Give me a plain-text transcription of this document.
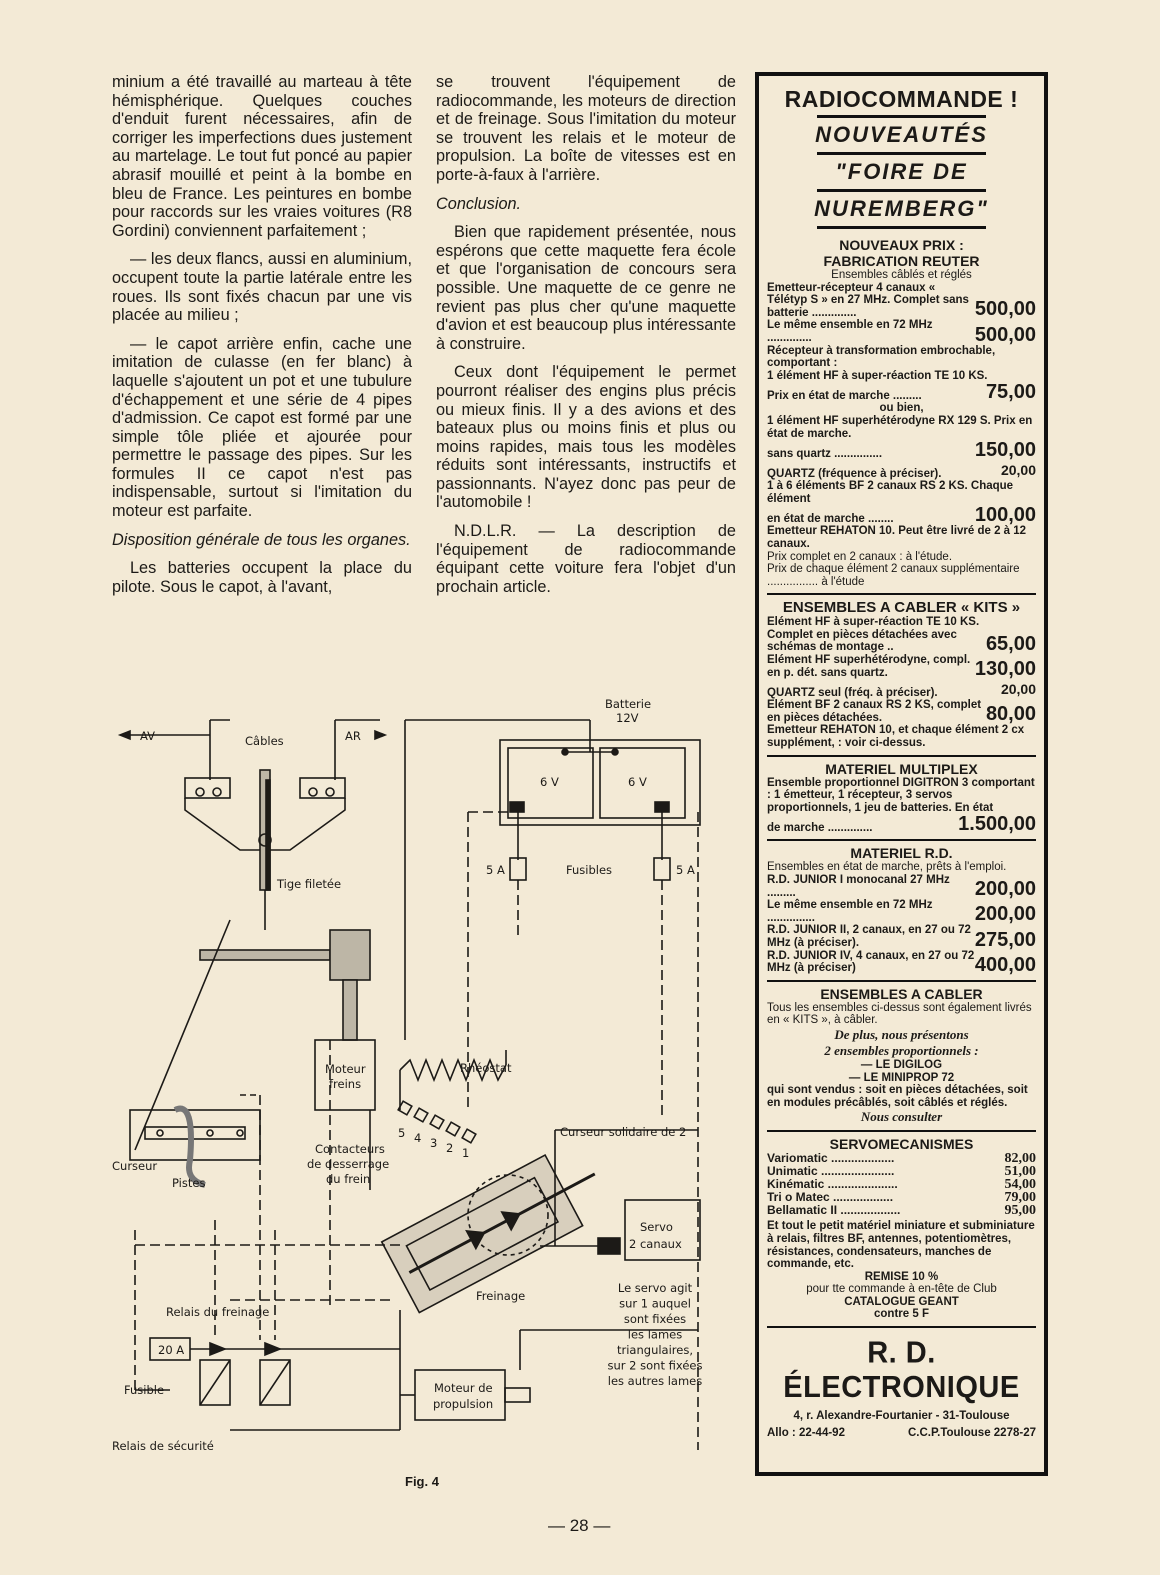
minium a été travaillé au marteau à tête hémisphérique. Quelques couches d'enduit furent nécessaires, afin de corriger les imperfections dues justement au martelage. Le tout fut poncé au papier abrasif mouillé et peint à la bombe en bleu de France. Les peintures en bombe pour raccords sur les vraies voitures (R8 Gordini) conviennent parfaitement ;

— les deux flancs, aussi en aluminium, occupent toute la partie latérale entre les roues. Ils sont fixés chacun par une vis placée au milieu ;

— le capot arrière enfin, cache une imitation de culasse (en fer blanc) à laquelle s'ajoutent un pot et une tubulure d'échappement et une série de 4 pipes d'admission. Ce capot est formé par une simple tôle pliée et ajourée pour permettre le passage des pipes. Sur les formules II ce capot n'est pas indispensable, surtout si l'imitation du moteur est parfaite.

Disposition générale de tous les organes.

Les batteries occupent la place du pilote. Sous le capot, à l'avant,

se trouvent l'équipement de radiocommande, les moteurs de direction et de freinage. Sous l'imitation du moteur se trouvent les relais et le moteur de propulsion. La boîte de vitesses est en porte-à-faux à l'arrière.

Conclusion.

Bien que rapidement présentée, nous espérons que cette maquette fera école et que l'organisation de concours sera possible. Une maquette de ce genre ne revient pas plus cher qu'une maquette d'avion et est beaucoup plus intéressante à construire.

Ceux dont l'équipement le permet pourront réaliser des engins plus précis ou mieux finis. Il y a des avions et des bateaux plus ou moins finis et plus ou moins rapides, mais tous les modèles réduits sont intéressants, instructifs et passionnants. N'ayez donc pas peur de l'automobile !

N.D.L.R. — La description de l'équipement de radiocommande équipant cette voiture fera l'objet d'un prochain article.

RADIOCOMMANDE !
NOUVEAUTÉS
"FOIRE DE
NUREMBERG"
NOUVEAUX PRIX :
FABRICATION REUTER
Ensembles câblés et réglés
Emetteur-récepteur 4 canaux « Télétyp S » en 27 MHz. Complet sans batterie ..............	500,00
Le même ensemble en 72 MHz ..............	500,00
Récepteur à transformation embrochable, comportant :
1 élément HF à super-réaction TE 10 KS.
Prix en état de marche .........	75,00
ou bien,
1 élément HF superhétérodyne RX 129 S. Prix en état de marche.
sans quartz ...............	150,00
QUARTZ (fréquence à préciser).	20,00
1 à 6 éléments BF 2 canaux RS 2 KS. Chaque élément
en état de marche ........	100,00
Emetteur REHATON 10. Peut être livré de 2 à 12 canaux.
Prix complet en 2 canaux : à l'étude.
Prix de chaque élément 2 canaux supplémentaire ................ à l'étude
ENSEMBLES A CABLER « KITS »
Elément HF à super-réaction TE 10 KS.
Complet en pièces détachées avec schémas de montage ..	65,00
Elément HF superhétérodyne, compl. en p. dét. sans quartz.	130,00
QUARTZ seul (fréq. à préciser).	20,00
Elément BF 2 canaux RS 2 KS, complet en pièces détachées.	80,00
Emetteur REHATON 10, et chaque élément 2 cx supplément, : voir ci-dessus.
MATERIEL MULTIPLEX
Ensemble proportionnel DIGITRON 3 comportant : 1 émetteur, 1 récepteur, 3 servos proportionnels, 1 jeu de batteries. En état
de marche ..............	1.500,00
MATERIEL R.D.
Ensembles en état de marche, prêts à l'emploi.
R.D. JUNIOR I monocanal 27 MHz .........	200,00
Le même ensemble en 72 MHz ...............	200,00
R.D. JUNIOR II, 2 canaux, en 27 ou 72 MHz (à préciser).	275,00
R.D. JUNIOR IV, 4 canaux, en 27 ou 72 MHz (à préciser)	400,00
ENSEMBLES A CABLER
Tous les ensembles ci-dessus sont également livrés en « KITS », à câbler.
De plus, nous présentons
2 ensembles proportionnels :
— LE DIGILOG
— LE MINIPROP 72
qui sont vendus : soit en pièces détachées, soit en modules précâblés, soit câblés et réglés.
Nous consulter
SERVOMECANISMES
Variomatic ...................	82,00
Unimatic ......................	51,00
Kinématic .....................	54,00
Tri o Matec ..................	79,00
Bellamatic II ..................	95,00
Et tout le petit matériel miniature et subminiature à relais, filtres BF, antennes, potentiomètres, résistances, condensateurs, manches de commande, etc.
REMISE 10 %
pour tte commande à en-tête de Club
CATALOGUE GEANT
contre 5 F
R. D. ÉLECTRONIQUE
4, r. Alexandre-Fourtanier - 31-Toulouse
Allo : 22-44-92	C.C.P.Toulouse 2278-27
AV	AR
Câbles
Tige filetée
Batterie
12V
6 V	6 V
5 A	5 A
Fusibles
Moteur
freins
Rhéostat
Curseur solidaire de 2
Contacteurs
de desserrage
du frein
Curseur
Pistes
Servo
2 canaux
Freinage
Relais du freinage
20 A
Fusible	Moteur de
propulsion
Relais de sécurité
Le servo agit
sur 1 auquel
sont fixées
les lames
triangulaires,
sur 2 sont fixées
les autres lames
5 4 3 2 1
Fig. 4
— 28 —
